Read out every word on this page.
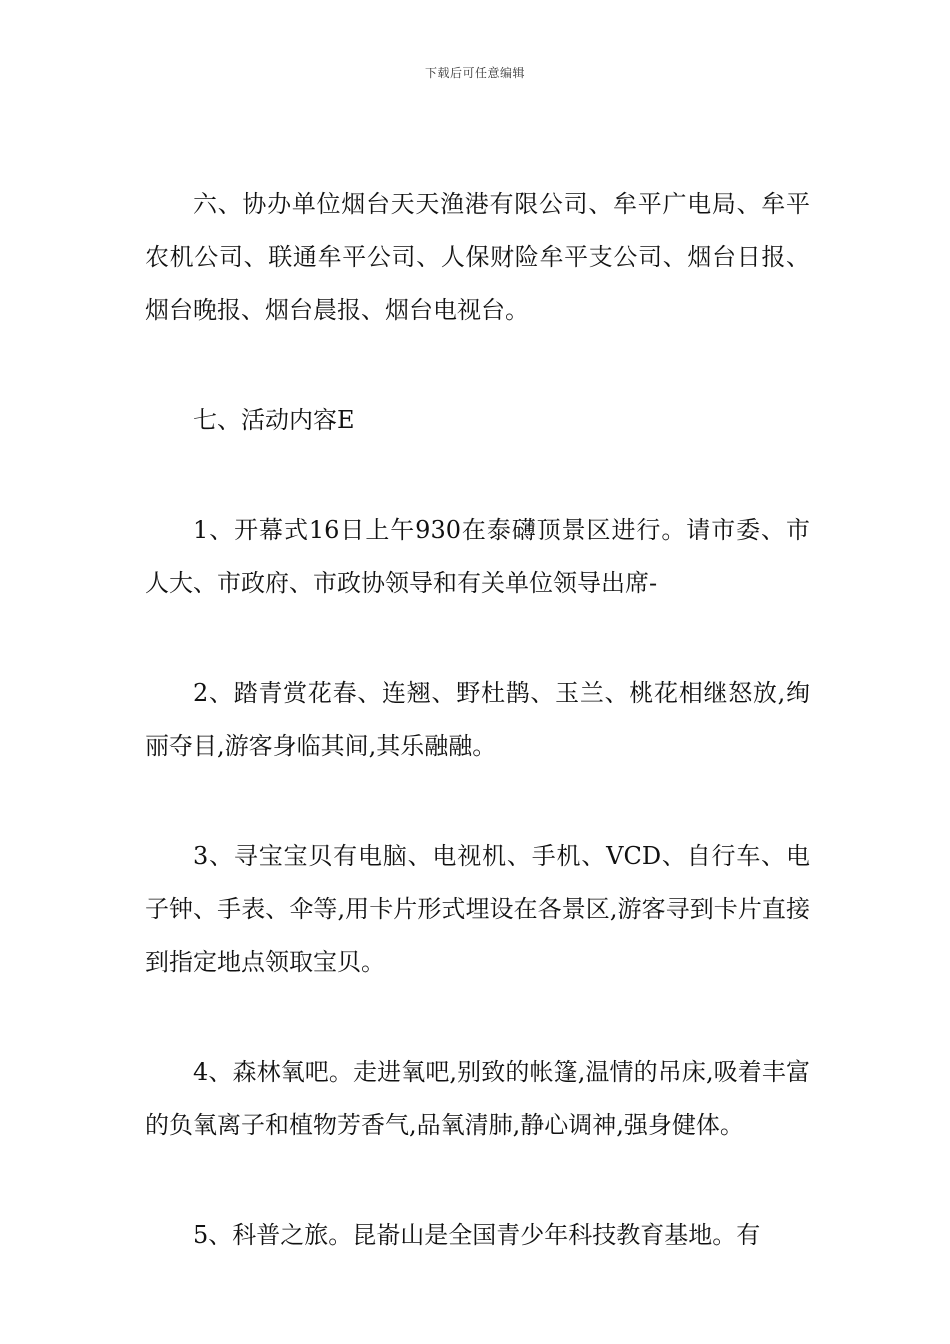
下载后可任意编辑

六、协办单位烟台天天渔港有限公司、牟平广电局、牟平农机公司、联通牟平公司、人保财险牟平支公司、烟台日报、烟台晚报、烟台晨报、烟台电视台。

七、活动内容E

1、开幕式16日上午930在泰礴顶景区进行。请市委、市人大、市政府、市政协领导和有关单位领导出席-

2、踏青赏花春、连翘、野杜鹊、玉兰、桃花相继怒放,绚丽夺目,游客身临其间,其乐融融。

3、寻宝宝贝有电脑、电视机、手机、VCD、自行车、电子钟、手表、伞等,用卡片形式埋设在各景区,游客寻到卡片直接到指定地点领取宝贝。

4、森林氧吧。走进氧吧,别致的帐篷,温情的吊床,吸着丰富的负氧离子和植物芳香气,品氧清肺,静心调神,强身健体。

5、科普之旅。昆嵛山是全国青少年科技教育基地。有
